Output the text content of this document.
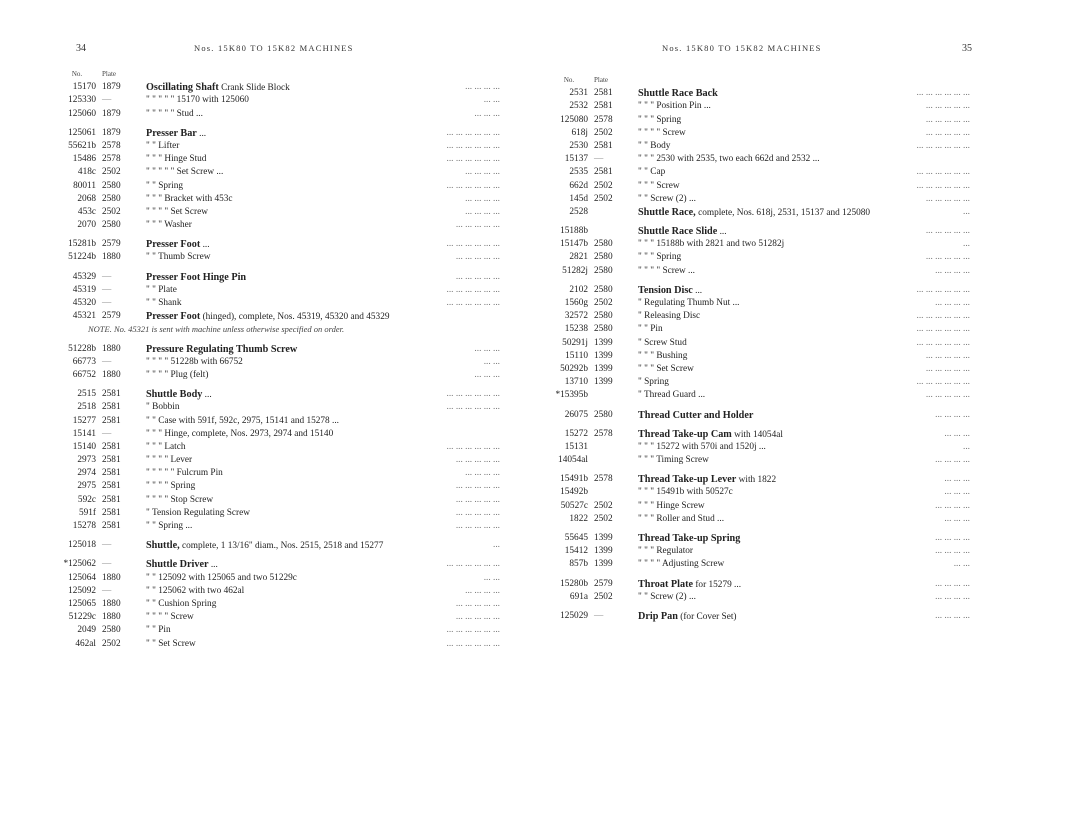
34	Nos. 15K80 TO 15K82 MACHINES
No.	Plate
15170 1879	Oscillating Shaft Crank Slide Block	... ... ... ...
125330 —	" " " " " 15170 with 125060	... ...
125060 1879	" " " " " Stud ...	... ... ...
125061 1879	Presser Bar ...	... ... ... ... ... ...
55621b 2578	" " Lifter	... ... ... ... ... ...
15486 2578	" " " Hinge Stud	... ... ... ... ... ...
418c 2502	" " " " " Set Screw ...	... ... ... ...
80011 2580	" " Spring	... ... ... ... ... ...
2068 2580	" " " Bracket with 453c	... ... ... ...
453c 2502	" " " " Set Screw	... ... ... ...
2070 2580	" " " Washer	... ... ... ... ...
15281b 2579	Presser Foot ...	... ... ... ... ... ...
51224b 1880	" " Thumb Screw	... ... ... ... ...
45329 —	Presser Foot Hinge Pin	... ... ... ... ...
45319 —	" " Plate	... ... ... ... ... ...
45320 —	" " Shank	... ... ... ... ... ...
45321 2579	Presser Foot (hinged), complete, Nos. 45319, 45320 and 45329
NOTE. No. 45321 is sent with machine unless otherwise specified on order.
51228b 1880	Pressure Regulating Thumb Screw	... ... ...
66773 —	" " " " 51228b with 66752	... ...
66752 1880	" " " " Plug (felt)	... ... ...
2515 2581	Shuttle Body ...	... ... ... ... ... ...
2518 2581	" Bobbin	... ... ... ... ... ...
15277 2581	" " Case with 591f, 592c, 2975, 15141 and 15278 ...
15141 —	" " " Hinge, complete, Nos. 2973, 2974 and 15140
15140 2581	" " " Latch	... ... ... ... ... ...
2973 2581	" " " " Lever	... ... ... ... ...
2974 2581	" " " " " Fulcrum Pin	... ... ... ...
2975 2581	" " " " Spring	... ... ... ... ...
592c 2581	" " " " Stop Screw	... ... ... ... ...
591f 2581	" Tension Regulating Screw	... ... ... ... ...
15278 2581	" " Spring ...	... ... ... ... ...
125018 —	Shuttle, complete, 1 13/16" diam., Nos. 2515, 2518 and 15277	...
*125062 —	Shuttle Driver ...	... ... ... ... ... ...
125064 1880	" " 125092 with 125065 and two 51229c	... ...
125092 —	" " 125062 with two 462al	... ... ... ...
125065 1880	" " Cushion Spring	... ... ... ... ...
51229c 1880	" " " " Screw	... ... ... ... ...
2049 2580	" " Pin	... ... ... ... ... ...
462al 2502	" " Set Screw	... ... ... ... ... ...
Nos. 15K80 TO 15K82 MACHINES	35
No.	Plate
2531 2581	Shuttle Race Back	... ... ... ... ... ...
2532 2581	" " " Position Pin ...	... ... ... ... ...
125080 2578	" " " Spring	... ... ... ... ...
618j 2502	" " " " Screw	... ... ... ... ...
2530 2581	" " Body	... ... ... ... ... ...
15137 —	" " " 2530 with 2535, two each 662d and 2532 ...
2535 2581	" " Cap	... ... ... ... ... ...
662d 2502	" " " Screw	... ... ... ... ... ...
145d 2502	" " Screw (2) ...	... ... ... ... ...
2528	Shuttle Race, complete, Nos. 618j, 2531, 15137 and 125080	...
15188b	Shuttle Race Slide ...	... ... ... ... ...
15147b 2580	" " " 15188b with 2821 and two 51282j	...
2821 2580	" " " Spring	... ... ... ... ...
51282j 2580	" " " " Screw ...	... ... ... ...
2102 2580	Tension Disc ...	... ... ... ... ... ...
1560g 2502	" Regulating Thumb Nut ...	... ... ... ...
32572 2580	" Releasing Disc	... ... ... ... ... ...
15238 2580	" " Pin	... ... ... ... ... ...
50291j 1399	" Screw Stud	... ... ... ... ... ...
15110 1399	" " " Bushing	... ... ... ... ...
50292b 1399	" " " Set Screw	... ... ... ... ...
13710 1399	" Spring	... ... ... ... ... ...
*15395b	" Thread Guard ...	... ... ... ... ...
26075 2580	Thread Cutter and Holder	... ... ... ...
15272 2578	Thread Take-up Cam with 14054al	... ... ...
15131	" " " 15272 with 570i and 1520j ...	...
14054al	" " " Timing Screw	... ... ... ...
15491b 2578	Thread Take-up Lever with 1822	... ... ...
15492b	" " " 15491b with 50527c	... ... ...
50527c 2502	" " " Hinge Screw	... ... ... ...
1822 2502	" " " Roller and Stud ...	... ... ...
55645 1399	Thread Take-up Spring	... ... ... ...
15412 1399	" " " Regulator	... ... ... ...
857b 1399	" " " " Adjusting Screw	... ...
15280b 2579	Throat Plate for 15279 ...	... ... ... ...
691a 2502	" " Screw (2) ...	... ... ... ...
125029 —	Drip Pan (for Cover Set)	... ... ... ...
